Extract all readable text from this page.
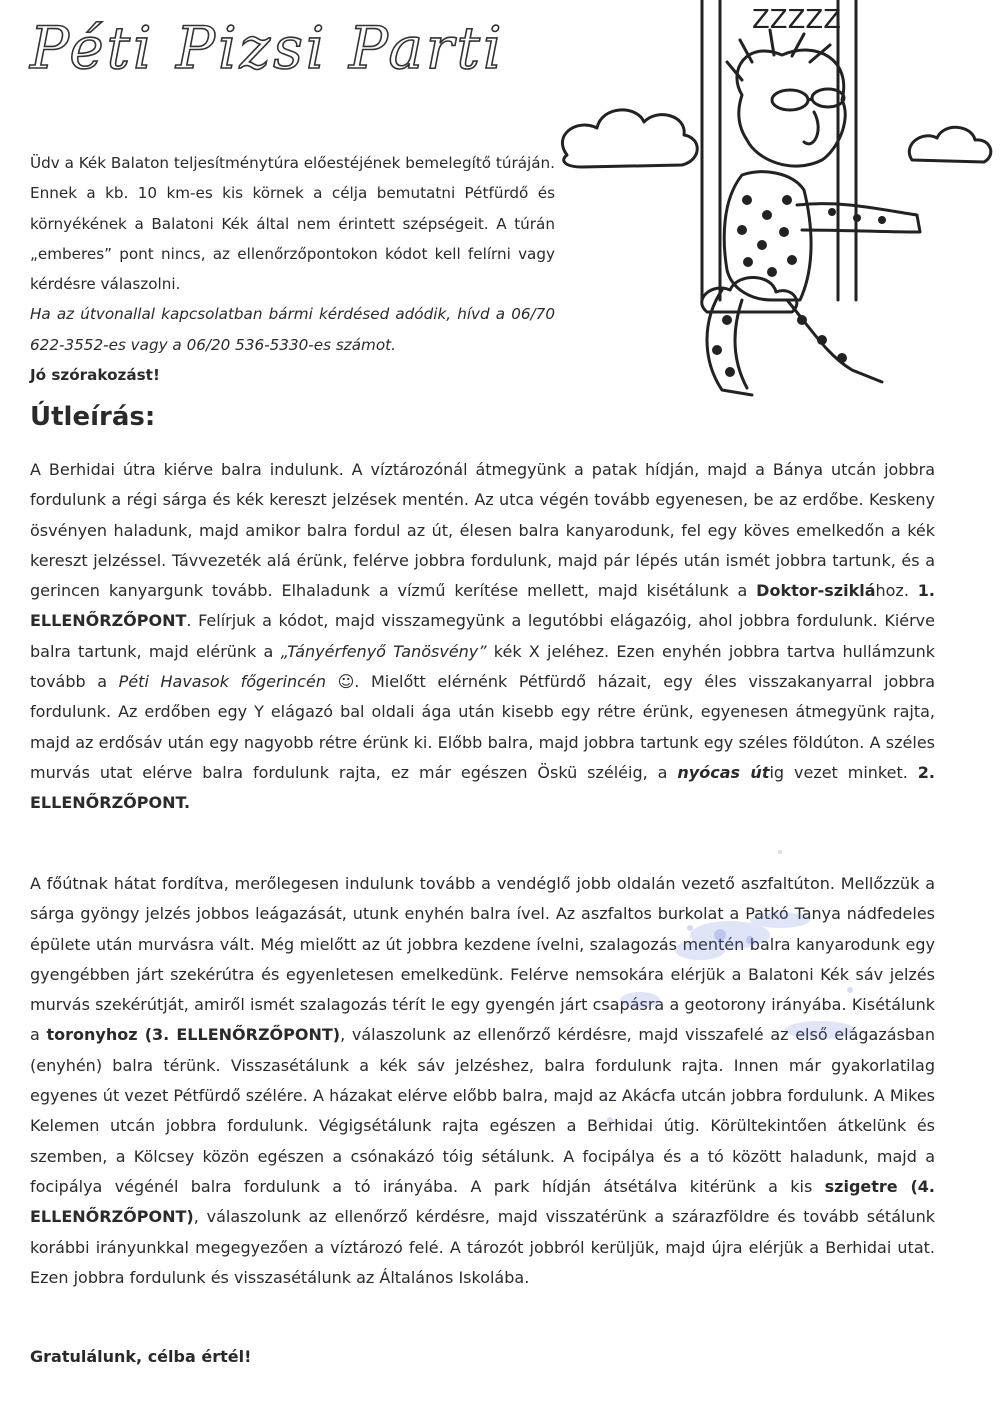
Péti Pizsi Parti

Üdv a Kék Balaton teljesítménytúra előestéjének bemelegítő túráján. Ennek a kb. 10 km-es kis körnek a célja bemutatni Pétfürdő és környékének a Balatoni Kék által nem érintett szépségeit. A túrán „emberes” pont nincs, az ellenőrzőpontokon kódot kell felírni vagy kérdésre válaszolni.

Ha az útvonallal kapcsolatban bármi kérdésed adódik, hívd a 06/70 622-3552-es vagy a 06/20 536-5330-es számot.

Jó szórakozást!

ZZZZZ
Útleírás:

A Berhidai útra kiérve balra indulunk. A víztározónál átmegyünk a patak hídján, majd a Bánya utcán jobbra fordulunk a régi sárga és kék kereszt jelzések mentén. Az utca végén tovább egyenesen, be az erdőbe. Keskeny ösvényen haladunk, majd amikor balra fordul az út, élesen balra kanyarodunk, fel egy köves emelkedőn a kék kereszt jelzéssel. Távvezeték alá érünk, felérve jobbra fordulunk, majd pár lépés után ismét jobbra tartunk, és a gerincen kanyargunk tovább. Elhaladunk a vízmű kerítése mellett, majd kisétálunk a Doktor-sziklához. 1. ELLENŐRZŐPONT. Felírjuk a kódot, majd visszamegyünk a legutóbbi elágazóig, ahol jobbra fordulunk. Kiérve balra tartunk, majd elérünk a „Tányérfenyő Tanösvény” kék X jeléhez. Ezen enyhén jobbra tartva hullámzunk tovább a Péti Havasok főgerincén ☺. Mielőtt elérnénk Pétfürdő házait, egy éles visszakanyarral jobbra fordulunk. Az erdőben egy Y elágazó bal oldali ága után kisebb egy rétre érünk, egyenesen átmegyünk rajta, majd az erdősáv után egy nagyobb rétre érünk ki. Előbb balra, majd jobbra tartunk egy széles földúton. A széles murvás utat elérve balra fordulunk rajta, ez már egészen Öskü széléig, a nyócas útig vezet minket. 2. ELLENŐRZŐPONT.

A főútnak hátat fordítva, merőlegesen indulunk tovább a vendéglő jobb oldalán vezető aszfaltúton. Mellőzzük a sárga gyöngy jelzés jobbos leágazását, utunk enyhén balra ível. Az aszfaltos burkolat a Patkó Tanya nádfedeles épülete után murvásra vált. Még mielőtt az út jobbra kezdene ívelni, szalagozás mentén balra kanyarodunk egy gyengébben járt szekérútra és egyenletesen emelkedünk. Felérve nemsokára elérjük a Balatoni Kék sáv jelzés murvás szekérútját, amiről ismét szalagozás térít le egy gyengén járt csapásra a geotorony irányába. Kisétálunk a toronyhoz (3. ELLENŐRZŐPONT), válaszolunk az ellenőrző kérdésre, majd visszafelé az első elágazásban (enyhén) balra térünk. Visszasétálunk a kék sáv jelzéshez, balra fordulunk rajta. Innen már gyakorlatilag egyenes út vezet Pétfürdő szélére. A házakat elérve előbb balra, majd az Akácfa utcán jobbra fordulunk. A Mikes Kelemen utcán jobbra fordulunk. Végigsétálunk rajta egészen a Berhidai útig. Körültekintően átkelünk és szemben, a Kölcsey közön egészen a csónakázó tóig sétálunk. A focipálya és a tó között haladunk, majd a focipálya végénél balra fordulunk a tó irányába. A park hídján átsétálva kitérünk a kis szigetre (4. ELLENŐRZŐPONT), válaszolunk az ellenőrző kérdésre, majd visszatérünk a szárazföldre és tovább sétálunk korábbi irányunkkal megegyezően a víztározó felé. A tározót jobbról kerüljük, majd újra elérjük a Berhidai utat. Ezen jobbra fordulunk és visszasétálunk az Általános Iskolába.

Gratulálunk, célba értél!
